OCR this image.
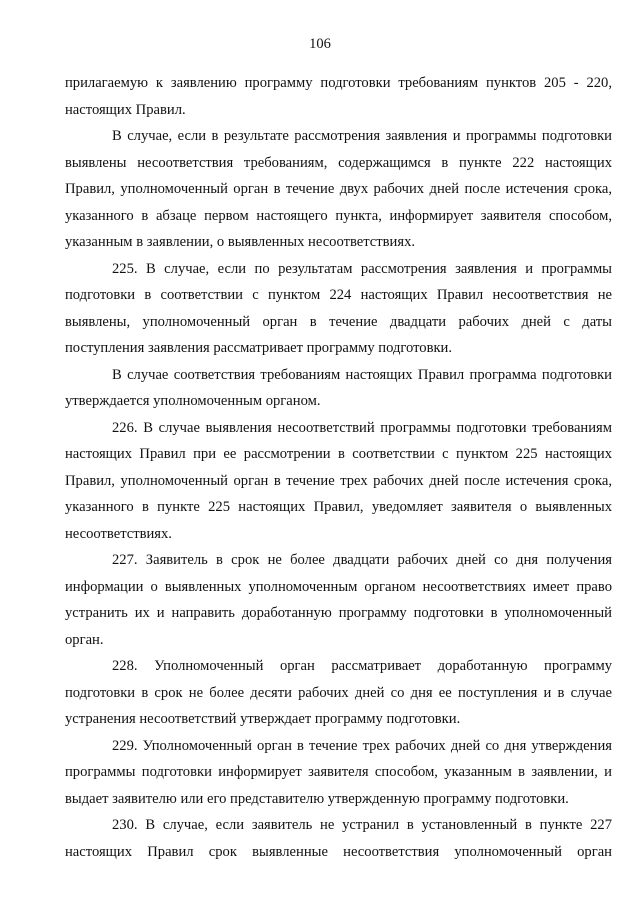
106

прилагаемую к заявлению программу подготовки требованиям пунктов 205 - 220, настоящих Правил.

В случае, если в результате рассмотрения заявления и программы подготовки выявлены несоответствия требованиям, содержащимся в пункте 222 настоящих Правил, уполномоченный орган в течение двух рабочих дней после истечения срока, указанного в абзаце первом настоящего пункта, информирует заявителя способом, указанным в заявлении, о выявленных несоответствиях.

225. В случае, если по результатам рассмотрения заявления и программы подготовки в соответствии с пунктом 224 настоящих Правил несоответствия не выявлены, уполномоченный орган в течение двадцати рабочих дней с даты поступления заявления рассматривает программу подготовки.

В случае соответствия требованиям настоящих Правил программа подготовки утверждается уполномоченным органом.

226. В случае выявления несоответствий программы подготовки требованиям настоящих Правил при ее рассмотрении в соответствии с пунктом 225 настоящих Правил, уполномоченный орган в течение трех рабочих дней после истечения срока, указанного в пункте 225 настоящих Правил, уведомляет заявителя о выявленных несоответствиях.

227. Заявитель в срок не более двадцати рабочих дней со дня получения информации о выявленных уполномоченным органом несоответствиях имеет право устранить их и направить доработанную программу подготовки в уполномоченный орган.

228. Уполномоченный орган рассматривает доработанную программу подготовки в срок не более десяти рабочих дней со дня ее поступления и в случае устранения несоответствий утверждает программу подготовки.

229. Уполномоченный орган в течение трех рабочих дней со дня утверждения программы подготовки информирует заявителя способом, указанным в заявлении, и выдает заявителю или его представителю утвержденную программу подготовки.

230. В случае, если заявитель не устранил в установленный в пункте 227 настоящих Правил срок выявленные несоответствия уполномоченный орган
